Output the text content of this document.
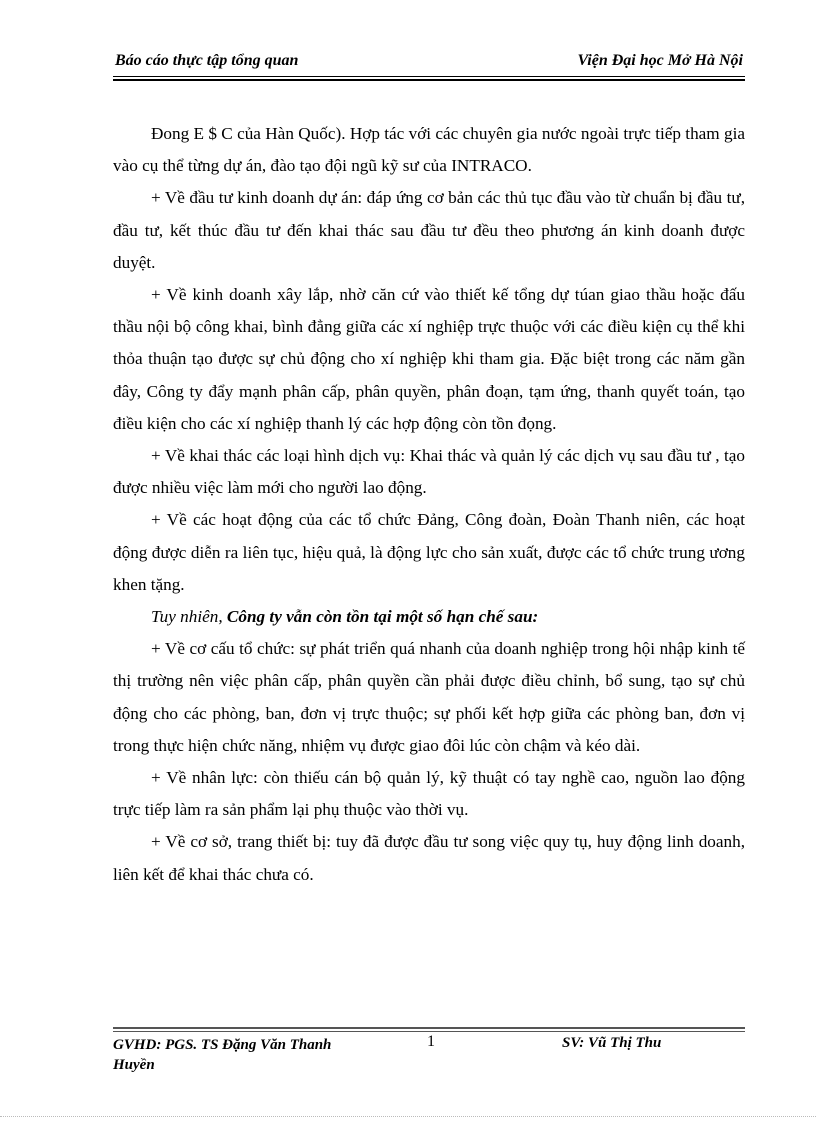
Báo cáo thực tập tổng quan	Viện Đại học Mở Hà Nội

Đong E $ C của Hàn Quốc). Hợp tác với các chuyên gia nước ngoài trực tiếp tham gia vào cụ thể từng dự án, đào tạo đội ngũ kỹ sư của INTRACO.

+ Về đầu tư kinh doanh dự án: đáp ứng cơ bản các thủ tục đầu vào từ chuẩn bị đầu tư, đầu tư, kết thúc đầu tư đến khai thác sau đầu tư đều theo phương án kinh doanh được duyệt.

+ Về kinh doanh xây lắp, nhờ căn cứ vào thiết kế tổng dự túan giao thầu hoặc đấu thầu nội bộ công khai, bình đẳng giữa các xí nghiệp trực thuộc với các điều kiện cụ thể khi thỏa thuận tạo được sự chủ động cho xí nghiệp khi tham gia. Đặc biệt trong các năm gần đây, Công ty đẩy mạnh phân cấp, phân quyền, phân đoạn, tạm ứng, thanh quyết toán, tạo điều kiện cho các xí nghiệp thanh lý các hợp động còn tồn đọng.

+ Về khai thác các loại hình dịch vụ: Khai thác và quản lý các dịch vụ sau đầu tư , tạo được nhiều việc làm mới cho người lao động.

+ Về các hoạt động của các tổ chức Đảng, Công đoàn, Đoàn Thanh niên, các hoạt động được diễn ra liên tục, hiệu quả, là động lực cho sản xuất, được các tổ chức trung ương khen tặng.

Tuy nhiên, Công ty vẫn còn tồn tại một số hạn chế sau:

+ Về cơ cấu tổ chức: sự phát triển quá nhanh của doanh nghiệp trong hội nhập kinh tế thị trường nên việc phân cấp, phân quyền cần phải được điều chỉnh, bổ sung, tạo sự chủ động cho các phòng, ban, đơn vị trực thuộc; sự phối kết hợp giữa các phòng ban, đơn vị trong thực hiện chức năng, nhiệm vụ được giao đôi lúc còn chậm và kéo dài.

+ Về nhân lực: còn thiếu cán bộ quản lý, kỹ thuật có tay nghề cao, nguồn lao động trực tiếp làm ra sản phẩm lại phụ thuộc vào thời vụ.

+ Về cơ sở, trang thiết bị: tuy đã được đầu tư song việc quy tụ, huy động linh doanh, liên kết để khai thác chưa có.

GVHD: PGS. TS Đặng Văn Thanh Huyền
1	SV: Vũ Thị Thu
